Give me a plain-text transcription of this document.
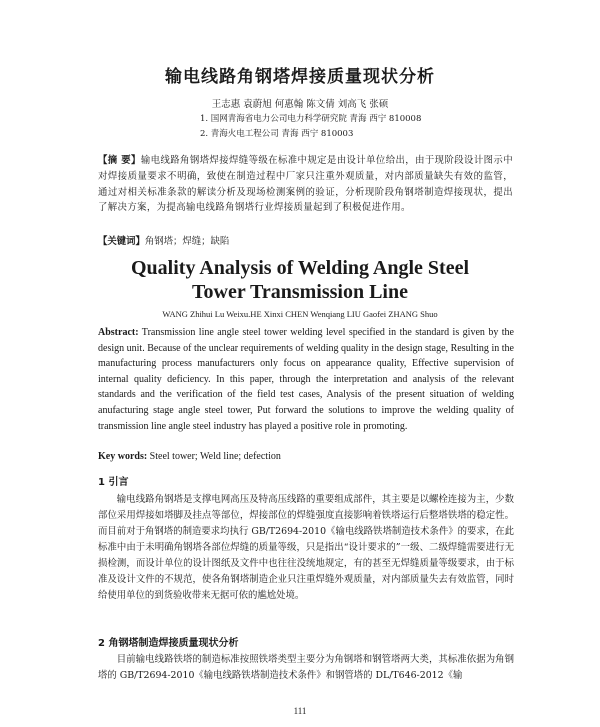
输电线路角钢塔焊接质量现状分析
王志惠 袁蔚旭 何惠翰 陈文倩 刘高飞 张硕
1. 国网青海省电力公司电力科学研究院 青海 西宁 810008
2. 青海火电工程公司 青海 西宁 810003

【摘 要】输电线路角钢塔焊接焊缝等级在标准中规定是由设计单位给出，由于现阶段设计图示中对焊接质量要求不明确，致使在制造过程中厂家只注重外观质量，对内部质量缺失有效的监管，通过对相关标准条款的解读分析及现场检测案例的验证，分析现阶段角钢塔制造焊接现状，提出了解决方案，为提高输电线路角钢塔行业焊接质量起到了积极促进作用。

【关键词】角钢塔；焊缝；缺陷

Quality Analysis of Welding Angle Steel
Tower Transmission Line
WANG Zhihui Lu Weixu.HE Xinxi CHEN Wenqiang LIU Gaofei ZHANG Shuo

Abstract: Transmission line angle steel tower welding level specified in the standard is given by the design unit. Because of the unclear requirements of welding quality in the design stage, Resulting in the manufacturing process manufacturers only focus on appearance quality, Effective supervision of internal quality deficiency. In this paper, through the interpretation and analysis of the relevant standards and the verification of the field test cases, Analysis of the present situation of welding anufacturing stage angle steel tower, Put forward the solutions to improve the welding quality of transmission line angle steel industry has played a positive role in promoting.

Key words: Steel tower; Weld line; defection

1 引言

输电线路角钢塔是支撑电网高压及特高压线路的重要组成部件，其主要是以螺栓连接为主，少数部位采用焊接如塔脚及挂点等部位，焊接部位的焊缝强度直接影响着铁塔运行后整塔铁塔的稳定性。而目前对于角钢塔的制造要求均执行 GB/T2694-2010《输电线路铁塔制造技术条件》的要求，在此标准中由于未明确角钢塔各部位焊缝的质量等级，只是指出“设计要求的”一级、二级焊缝需要进行无损检测，而设计单位的设计图纸及文件中也往往没统地规定，有的甚至无焊缝质量等级要求，由于标准及设计文件的不规范，使各角钢塔制造企业只注重焊缝外观质量，对内部质量失去有效监管，同时给使用单位的到货验收带来无据可依的尴尬处境。

2 角钢塔制造焊接质量现状分析

目前输电线路铁塔的制造标准按照铁塔类型主要分为角钢塔和钢管塔两大类，其标准依据为角钢塔的 GB/T2694-2010《输电线路铁塔制造技术条件》和钢管塔的 DL/T646-2012《输

111
